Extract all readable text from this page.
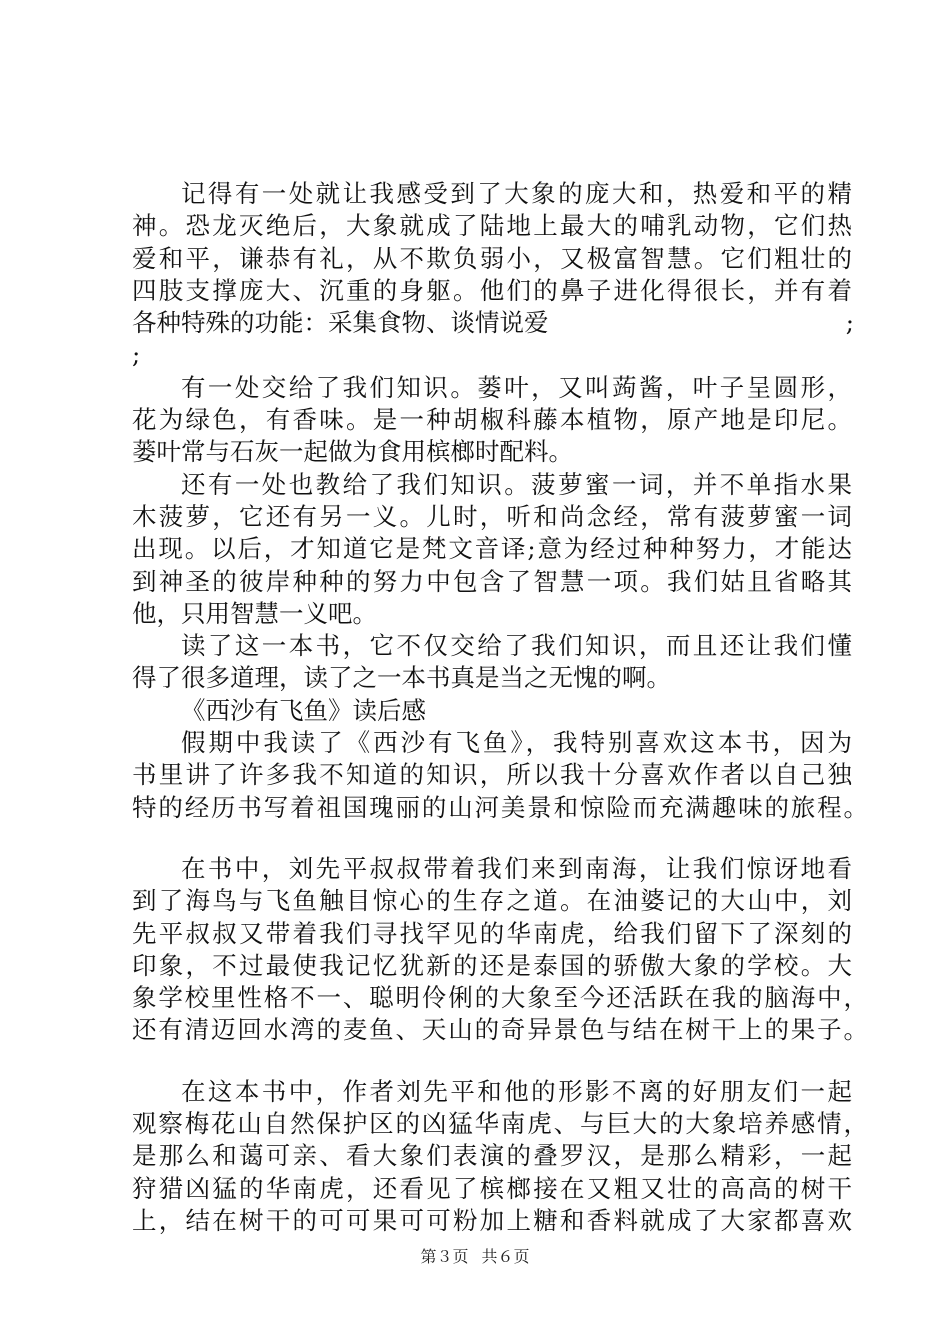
记得有一处就让我感受到了大象的庞大和，热爱和平的精
神。恐龙灭绝后，大象就成了陆地上最大的哺乳动物，它们热
爱和平，谦恭有礼，从不欺负弱小，又极富智慧。它们粗壮的
四肢支撑庞大、沉重的身躯。他们的鼻子进化得很长，并有着
各种特殊的功能：采集食物、谈情说爱	;
;
有一处交给了我们知识。蒌叶，又叫蒟酱，叶子呈圆形，
花为绿色，有香味。是一种胡椒科藤本植物，原产地是印尼。
蒌叶常与石灰一起做为食用槟榔时配料。
还有一处也教给了我们知识。菠萝蜜一词，并不单指水果
木菠萝，它还有另一义。儿时，听和尚念经，常有菠萝蜜一词
出现。以后，才知道它是梵文音译;意为经过种种努力，才能达
到神圣的彼岸种种的努力中包含了智慧一项。我们姑且省略其
他，只用智慧一义吧。
读了这一本书，它不仅交给了我们知识，而且还让我们懂
得了很多道理，读了之一本书真是当之无愧的啊。
《西沙有飞鱼》读后感
假期中我读了《西沙有飞鱼》，我特别喜欢这本书，因为
书里讲了许多我不知道的知识，所以我十分喜欢作者以自己独
特的经历书写着祖国瑰丽的山河美景和惊险而充满趣味的旅程。
在书中，刘先平叔叔带着我们来到南海，让我们惊讶地看
到了海鸟与飞鱼触目惊心的生存之道。在油婆记的大山中，刘
先平叔叔又带着我们寻找罕见的华南虎，给我们留下了深刻的
印象，不过最使我记忆犹新的还是泰国的骄傲大象的学校。大
象学校里性格不一、聪明伶俐的大象至今还活跃在我的脑海中，
还有清迈回水湾的麦鱼、天山的奇异景色与结在树干上的果子。
在这本书中，作者刘先平和他的形影不离的好朋友们一起
观察梅花山自然保护区的凶猛华南虎、与巨大的大象培养感情，
是那么和蔼可亲、看大象们表演的叠罗汉，是那么精彩，一起
狩猎凶猛的华南虎，还看见了槟榔接在又粗又壮的高高的树干
上，结在树干的可可果可可粉加上糖和香料就成了大家都喜欢
第３页 共６页
